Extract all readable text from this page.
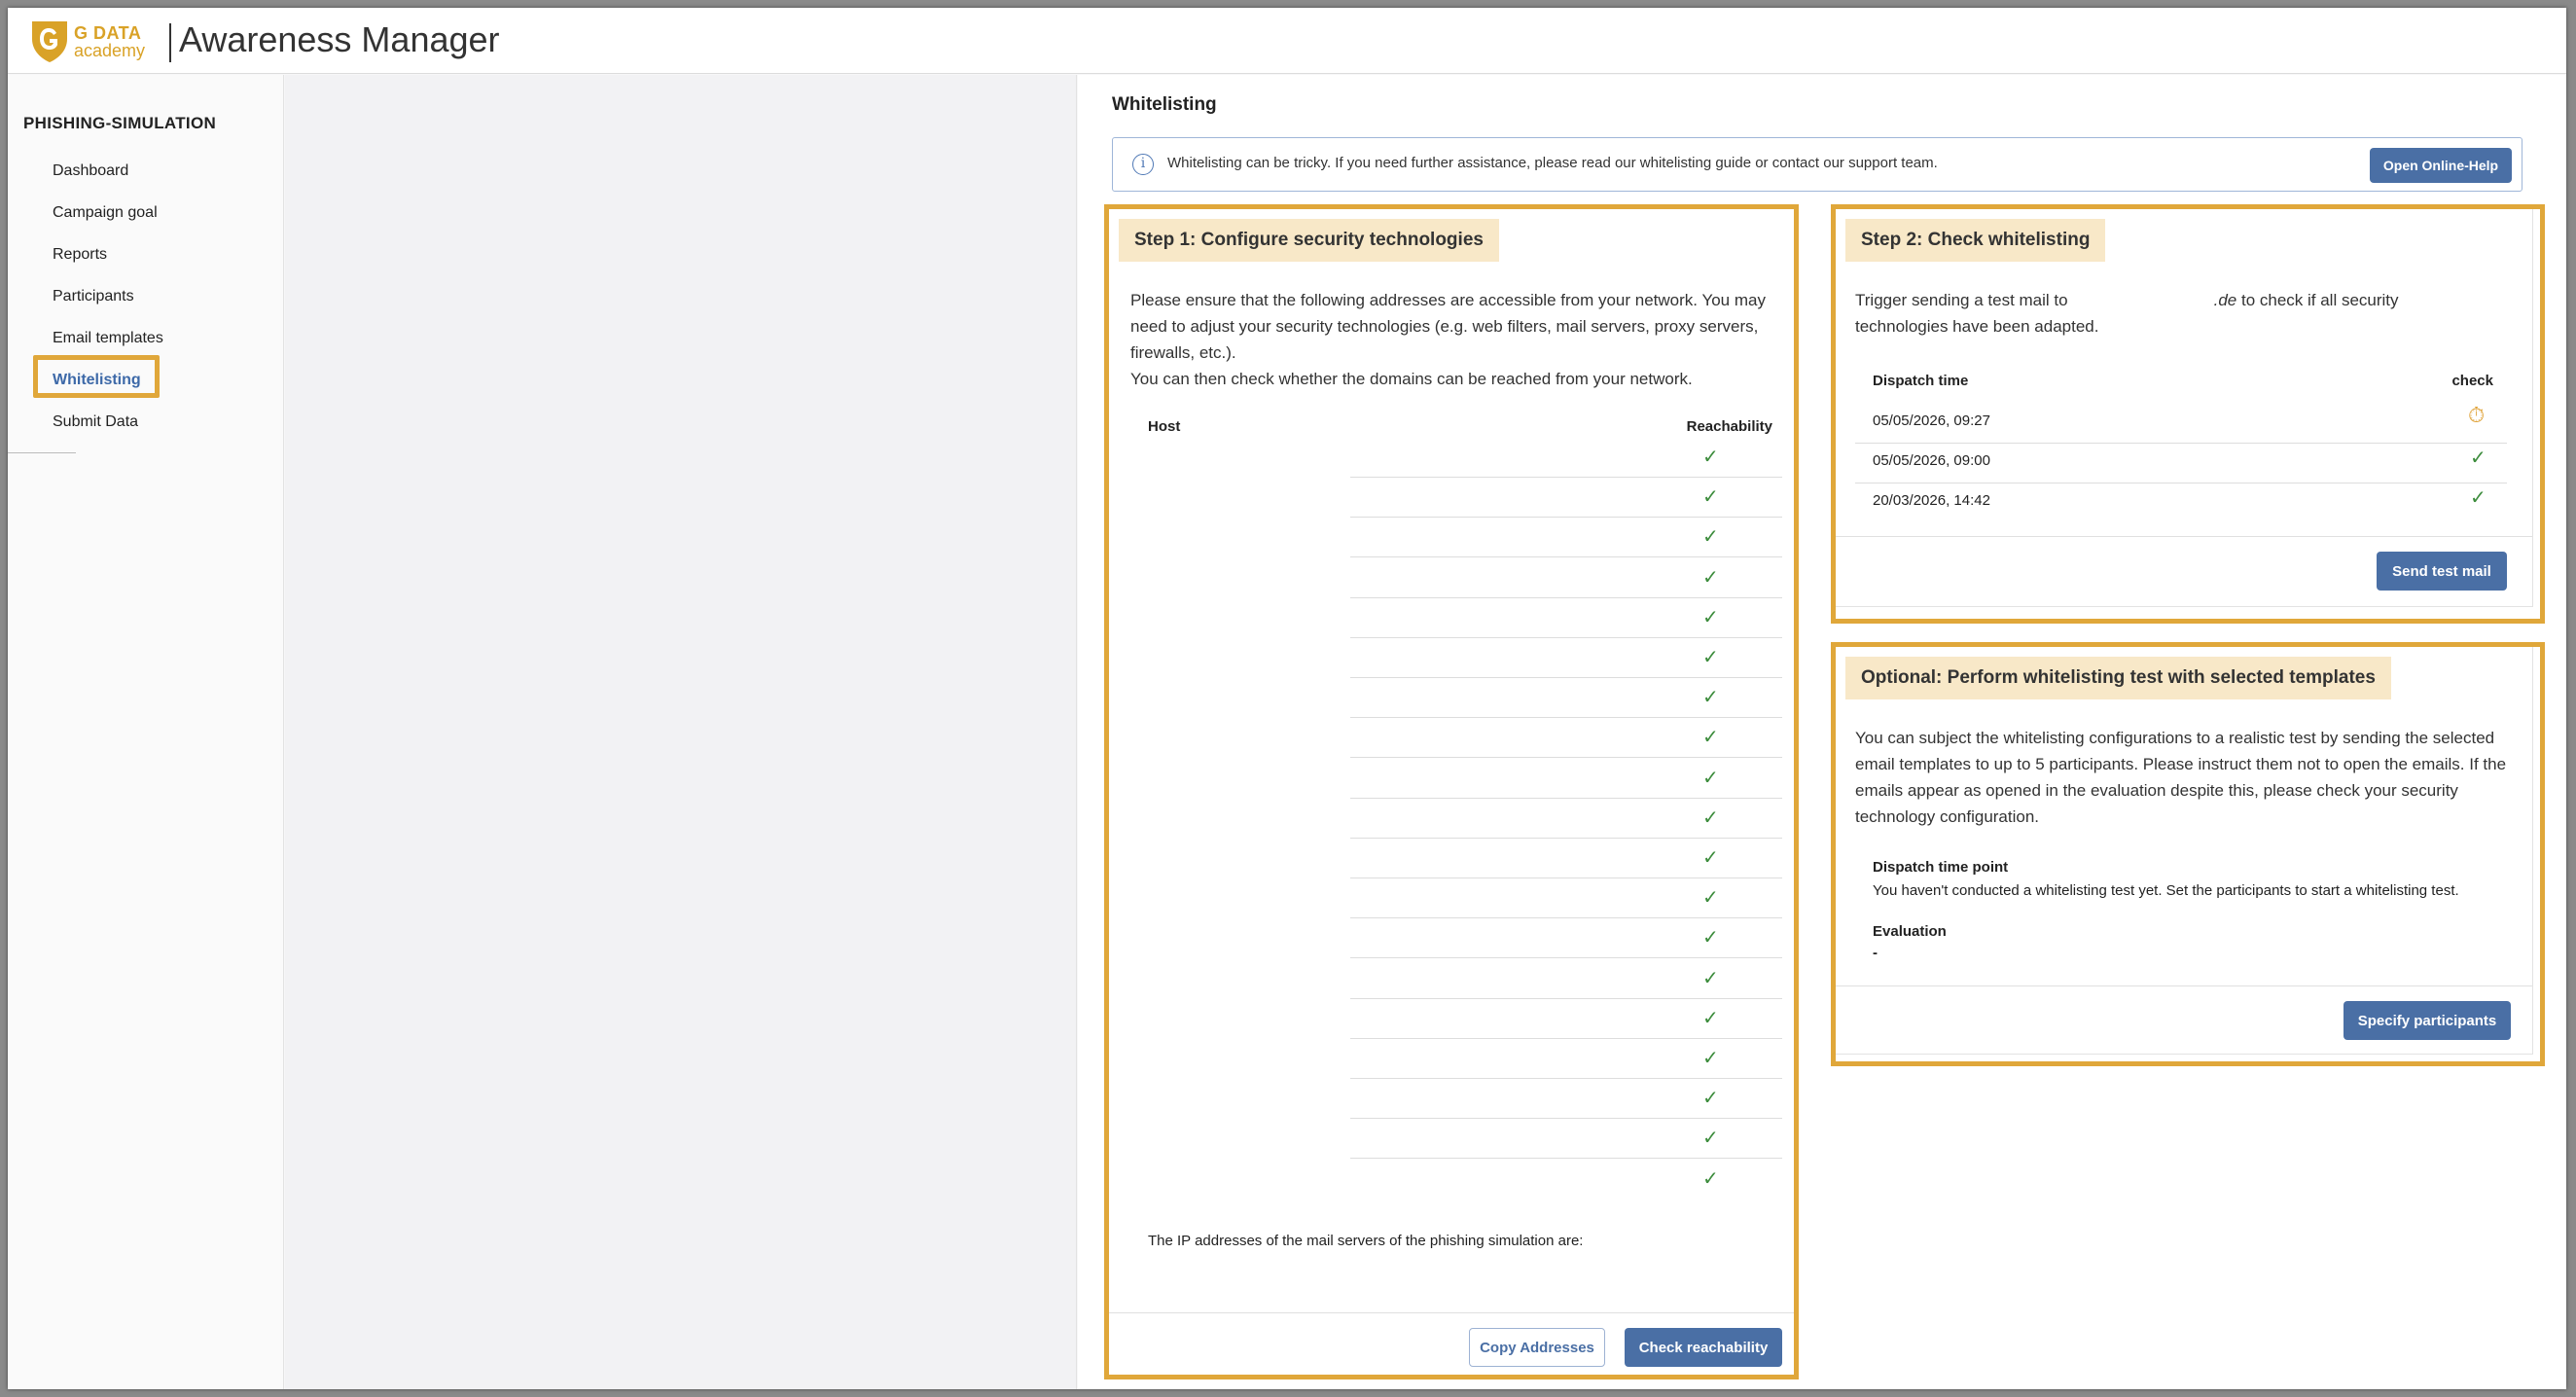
G DATA
academy Awareness Manager
PHISHING-SIMULATION
Dashboard
Campaign goal
Reports
Participants
Email templates
Whitelisting
Submit Data
Whitelisting
i	Whitelisting can be tricky. If you need further assistance, please read our whitelisting guide or contact our support team.	Open Online-Help
Step 1: Configure security technologies
Please ensure that the following addresses are accessible from your network. You may need to adjust your security technologies (e.g. web filters, mail servers, proxy servers, firewalls, etc.).
You can then check whether the domains can be reached from your network.
Host	Reachability
✓
✓
✓
✓
✓
✓
✓
✓
✓
✓
✓
✓
✓
✓
✓
✓
✓
✓
✓
The IP addresses of the mail servers of the phishing simulation are:
Copy Addresses	Check reachability
Step 2: Check whitelisting
Trigger sending a test mail to	.de to check if all security
technologies have been adapted.
Dispatch time	check
05/05/2026, 09:27	⏱
05/05/2026, 09:00	✓
20/03/2026, 14:42	✓
Send test mail
Optional: Perform whitelisting test with selected templates
You can subject the whitelisting configurations to a realistic test by sending the selected email templates to up to 5 participants. Please instruct them not to open the emails. If the emails appear as opened in the evaluation despite this, please check your security technology configuration.
Dispatch time point
You haven't conducted a whitelisting test yet. Set the participants to start a whitelisting test.
Evaluation
-
Specify participants
